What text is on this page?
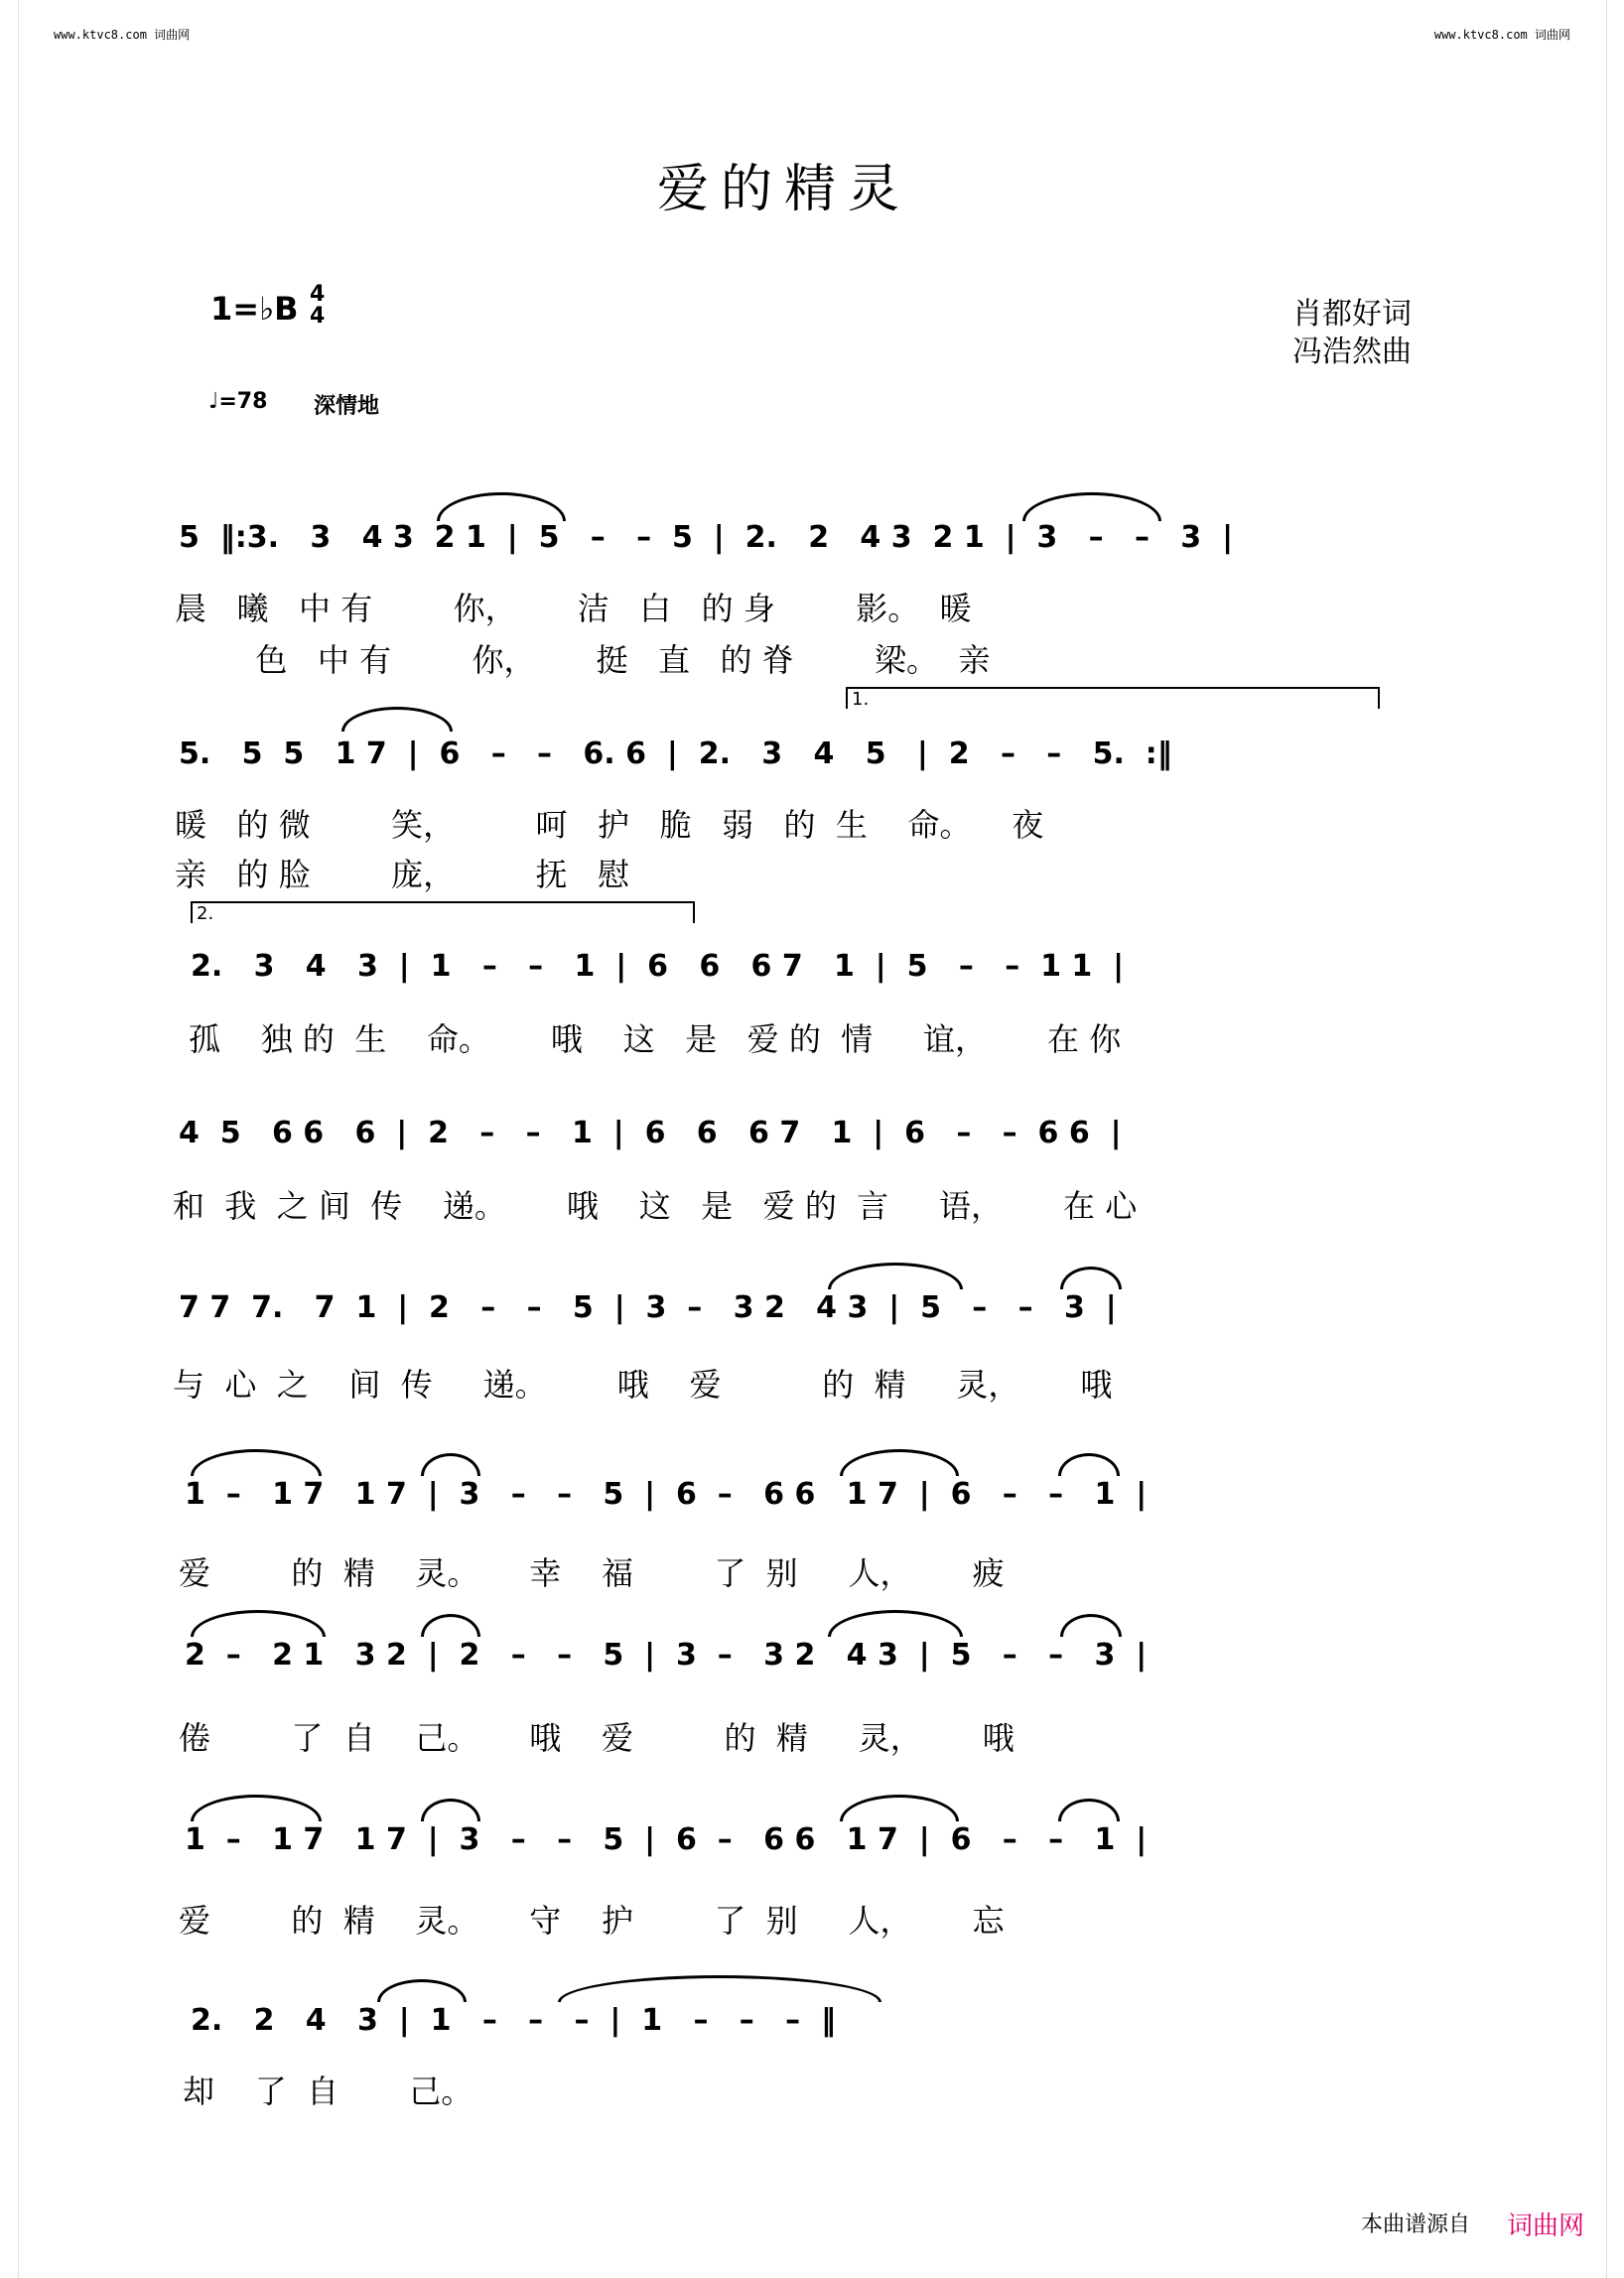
www.ktvc8.com 词曲网	www.ktvc8.com 词曲网
爱的精灵
1=♭B 4
4	肖都好词
冯浩然曲
♩=78 深情地
5  ‖:3.   3   4 3  2 1  |  5   –   –  5  |  2.   2   4 3  2 1  |  3   –   –   3  |
晨   曦   中 有        你，      洁   白   的 身        影。  暖
色   中 有        你，      挺   直   的 脊        梁。  亲
1.
5.   5  5   1 7  |  6   –   –   6. 6  |  2.   3   4   5   |  2   –   –   5.  :‖
暖   的 微        笑，        呵   护   脆   弱   的  生    命。    夜
亲   的 脸        庞，        抚   慰
2.
2.   3   4   3  |  1   –   –   1  |  6   6   6 7   1  |  5   –   –  1 1  |
孤    独 的  生    命。      哦    这   是   爱 的  情     谊，      在 你
4  5   6 6   6  |  2   –   –   1  |  6   6   6 7   1  |  6   –   –  6 6  |
和  我  之 间  传    递。      哦    这   是   爱 的  言     语，      在 心
7 7  7.   7  1  |  2   –   –   5  |  3  –   3 2   4 3  |  5   –   –   3  |
与  心  之    间  传     递。       哦    爱          的  精     灵，      哦
1  –   1 7   1 7  |  3   –   –   5  |  6  –   6 6   1 7  |  6   –   –   1  |
爱        的  精    灵。     幸    福        了  别     人，      疲
2  –   2 1   3 2  |  2   –   –   5  |  3  –   3 2   4 3  |  5   –   –   3  |
倦        了  自    己。     哦    爱         的  精     灵，      哦
1  –   1 7   1 7  |  3   –   –   5  |  6  –   6 6   1 7  |  6   –   –   1  |
爱        的  精    灵。     守    护        了  别     人，      忘
2.   2   4   3  |  1   –   –   –  |  1   –   –   –  ‖
却    了  自       己。
本曲谱源自 词曲网
